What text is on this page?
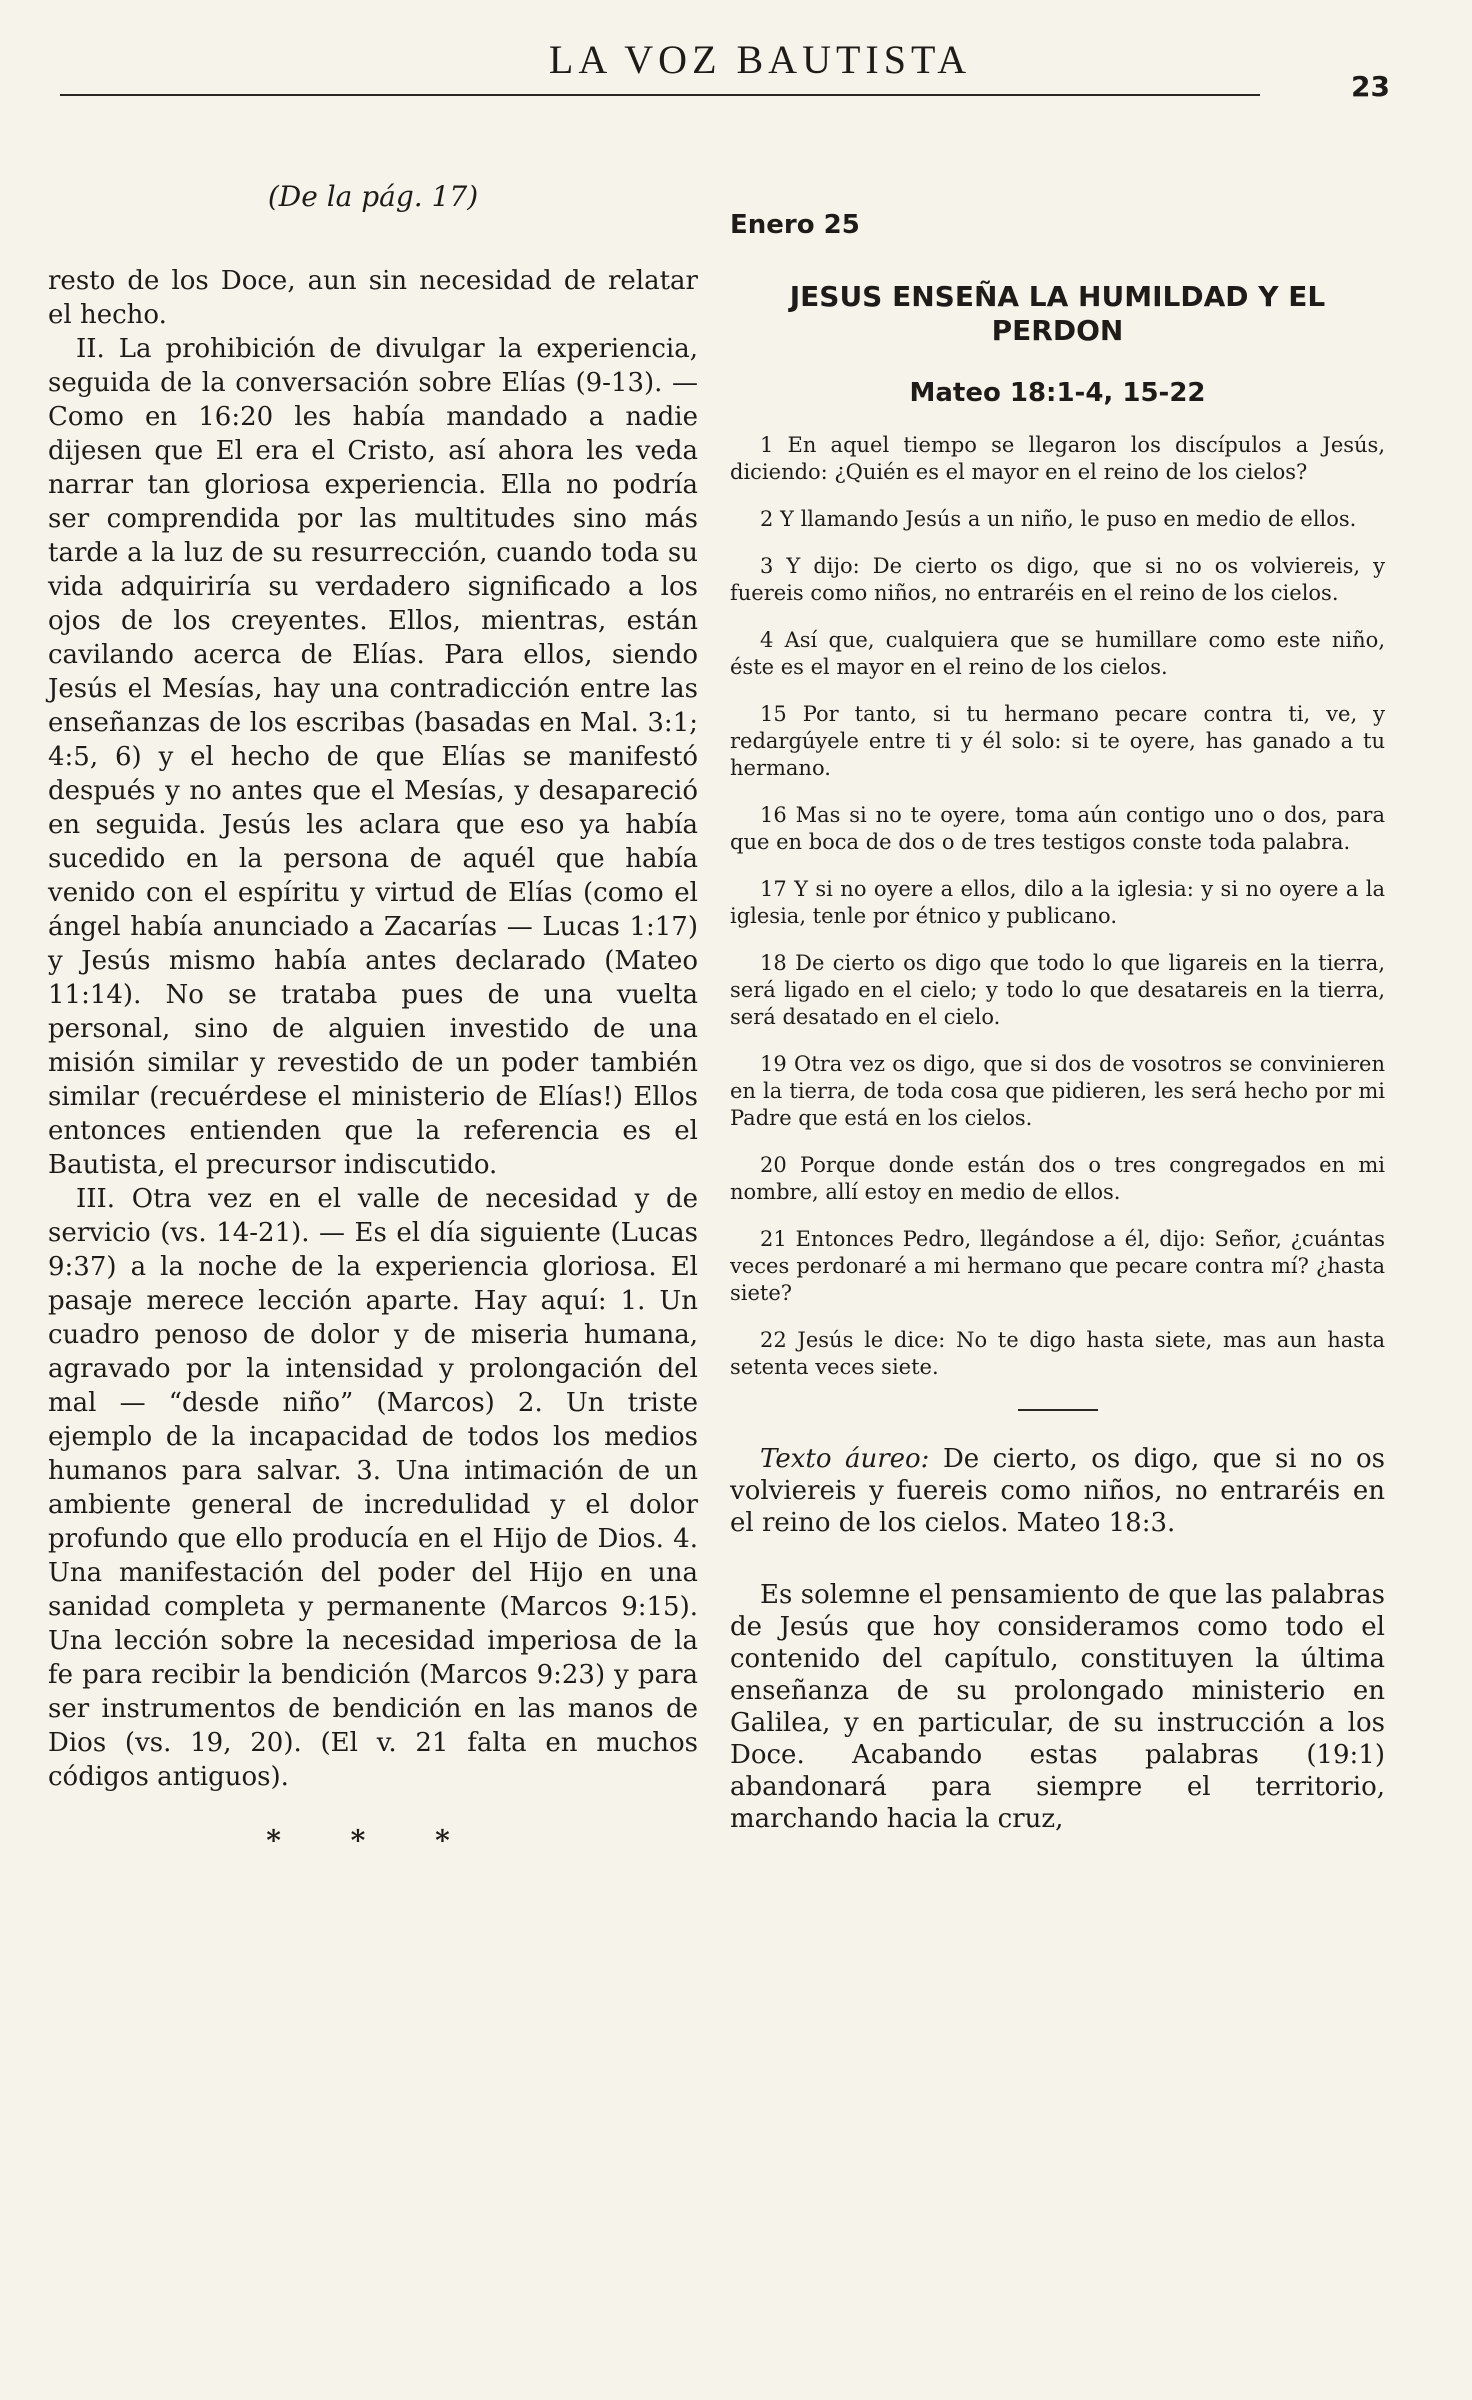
LA VOZ BAUTISTA
23

(De la pág. 17)

resto de los Doce, aun sin necesidad de relatar el hecho.

II. La prohibición de divulgar la experiencia, seguida de la conversación sobre Elías (9-13). — Como en 16:20 les había mandado a nadie dijesen que El era el Cristo, así ahora les veda narrar tan gloriosa experiencia. Ella no podría ser comprendida por las multitudes sino más tarde a la luz de su resurrección, cuando toda su vida adquiriría su verdadero significado a los ojos de los creyentes. Ellos, mientras, están cavilando acerca de Elías. Para ellos, siendo Jesús el Mesías, hay una contradicción entre las enseñanzas de los escribas (basadas en Mal. 3:1; 4:5, 6) y el hecho de que Elías se manifestó después y no antes que el Mesías, y desapareció en seguida. Jesús les aclara que eso ya había sucedido en la persona de aquél que había venido con el espíritu y virtud de Elías (como el ángel había anunciado a Zacarías — Lucas 1:17) y Jesús mismo había antes declarado (Mateo 11:14). No se trataba pues de una vuelta personal, sino de alguien investido de una misión similar y revestido de un poder también similar (recuérdese el ministerio de Elías!) Ellos entonces entienden que la referencia es el Bautista, el precursor indiscutido.

III. Otra vez en el valle de necesidad y de servicio (vs. 14-21). — Es el día siguiente (Lucas 9:37) a la noche de la experiencia gloriosa. El pasaje merece lección aparte. Hay aquí: 1. Un cuadro penoso de dolor y de miseria humana, agravado por la intensidad y prolongación del mal — “desde niño” (Marcos) 2. Un triste ejemplo de la incapacidad de todos los medios humanos para salvar. 3. Una intimación de un ambiente general de incredulidad y el dolor profundo que ello producía en el Hijo de Dios. 4. Una manifestación del poder del Hijo en una sanidad completa y permanente (Marcos 9:15). Una lección sobre la necesidad imperiosa de la fe para recibir la bendición (Marcos 9:23) y para ser instrumentos de bendición en las manos de Dios (vs. 19, 20). (El v. 21 falta en muchos códigos antiguos).

* * *

Enero 25

JESUS ENSEÑA LA HUMILDAD Y EL PERDON

Mateo 18:1-4, 15-22

1 En aquel tiempo se llegaron los discípulos a Jesús, diciendo: ¿Quién es el mayor en el reino de los cielos?

2 Y llamando Jesús a un niño, le puso en medio de ellos.

3 Y dijo: De cierto os digo, que si no os volviereis, y fuereis como niños, no entraréis en el reino de los cielos.

4 Así que, cualquiera que se humillare como este niño, éste es el mayor en el reino de los cielos.

15 Por tanto, si tu hermano pecare contra ti, ve, y redargúyele entre ti y él solo: si te oyere, has ganado a tu hermano.

16 Mas si no te oyere, toma aún contigo uno o dos, para que en boca de dos o de tres testigos conste toda palabra.

17 Y si no oyere a ellos, dilo a la iglesia: y si no oyere a la iglesia, tenle por étnico y publicano.

18 De cierto os digo que todo lo que ligareis en la tierra, será ligado en el cielo; y todo lo que desatareis en la tierra, será desatado en el cielo.

19 Otra vez os digo, que si dos de vosotros se convinieren en la tierra, de toda cosa que pidieren, les será hecho por mi Padre que está en los cielos.

20 Porque donde están dos o tres congregados en mi nombre, allí estoy en medio de ellos.

21 Entonces Pedro, llegándose a él, dijo: Señor, ¿cuántas veces perdonaré a mi hermano que pecare contra mí? ¿hasta siete?

22 Jesús le dice: No te digo hasta siete, mas aun hasta setenta veces siete.

Texto áureo: De cierto, os digo, que si no os volviereis y fuereis como niños, no entraréis en el reino de los cielos. Mateo 18:3.

Es solemne el pensamiento de que las palabras de Jesús que hoy consideramos como todo el contenido del capítulo, constituyen la última enseñanza de su prolongado ministerio en Galilea, y en particular, de su instrucción a los Doce. Acabando estas palabras (19:1) abandonará para siempre el territorio, marchando hacia la cruz,
